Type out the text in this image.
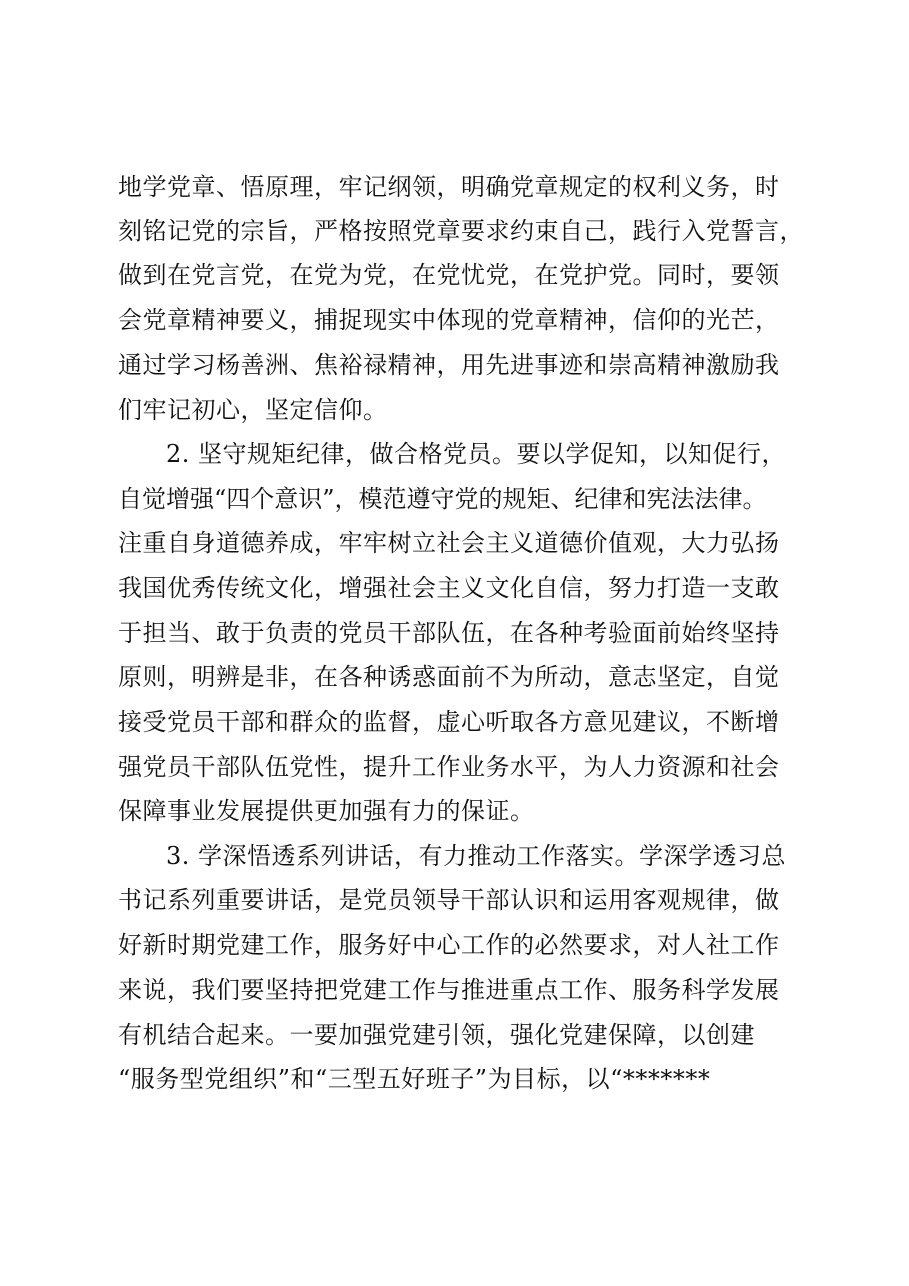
地学党章、悟原理，牢记纲领，明确党章规定的权利义务，时
刻铭记党的宗旨，严格按照党章要求约束自己，践行入党誓言，
做到在党言党，在党为党，在党忧党，在党护党。同时，要领
会党章精神要义，捕捉现实中体现的党章精神，信仰的光芒，
通过学习杨善洲、焦裕禄精神，用先进事迹和崇高精神激励我
们牢记初心，坚定信仰。
2. 坚守规矩纪律，做合格党员。要以学促知，以知促行，
自觉增强“四个意识”，模范遵守党的规矩、纪律和宪法法律。
注重自身道德养成，牢牢树立社会主义道德价值观，大力弘扬
我国优秀传统文化，增强社会主义文化自信，努力打造一支敢
于担当、敢于负责的党员干部队伍，在各种考验面前始终坚持
原则，明辨是非，在各种诱惑面前不为所动，意志坚定，自觉
接受党员干部和群众的监督，虚心听取各方意见建议，不断增
强党员干部队伍党性，提升工作业务水平，为人力资源和社会
保障事业发展提供更加强有力的保证。
3. 学深悟透系列讲话，有力推动工作落实。学深学透习总
书记系列重要讲话，是党员领导干部认识和运用客观规律，做
好新时期党建工作，服务好中心工作的必然要求，对人社工作
来说，我们要坚持把党建工作与推进重点工作、服务科学发展
有机结合起来。一要加强党建引领，强化党建保障，以创建
“服务型党组织”和“三型五好班子”为目标，以“*******
